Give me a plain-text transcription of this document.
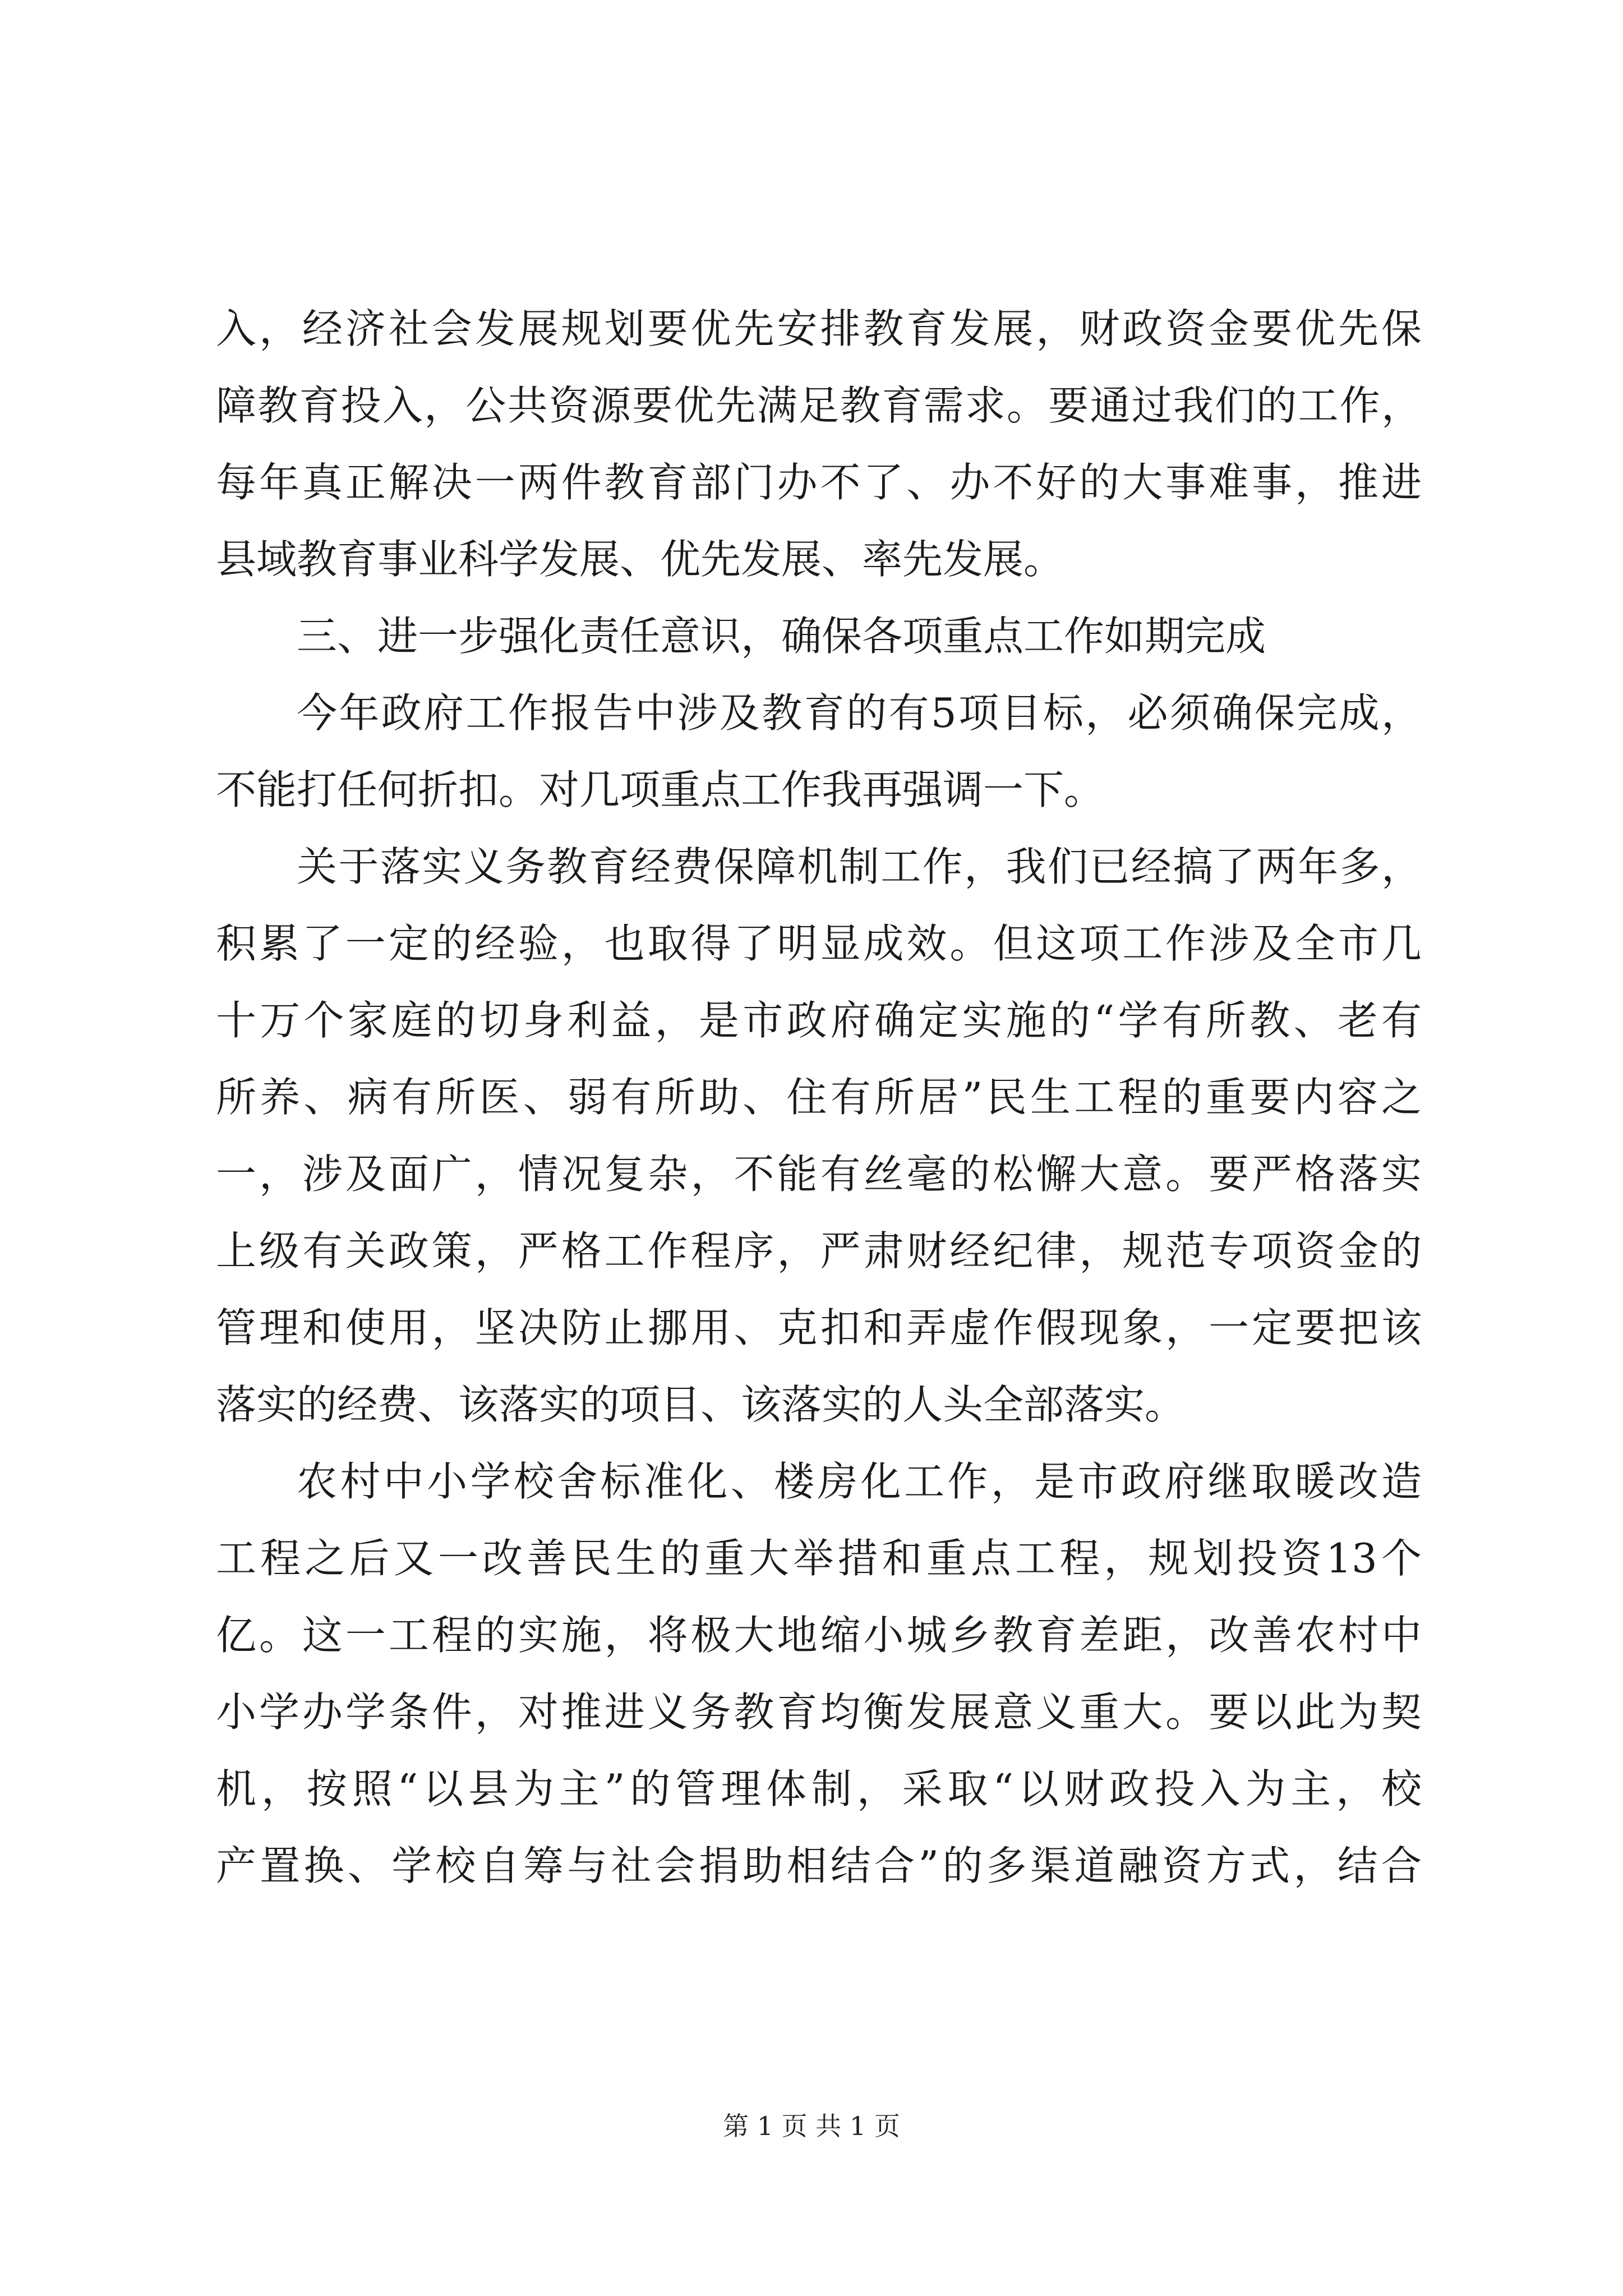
入，经济社会发展规划要优先安排教育发展，财政资金要优先保
障教育投入，公共资源要优先满足教育需求。要通过我们的工作，
每年真正解决一两件教育部门办不了、办不好的大事难事，推进
县域教育事业科学发展、优先发展、率先发展。
三、进一步强化责任意识，确保各项重点工作如期完成
今年政府工作报告中涉及教育的有5项目标，必须确保完成，
不能打任何折扣。对几项重点工作我再强调一下。
关于落实义务教育经费保障机制工作，我们已经搞了两年多，
积累了一定的经验，也取得了明显成效。但这项工作涉及全市几
十万个家庭的切身利益，是市政府确定实施的“学有所教、老有
所养、病有所医、弱有所助、住有所居”民生工程的重要内容之
一，涉及面广，情况复杂，不能有丝毫的松懈大意。要严格落实
上级有关政策，严格工作程序，严肃财经纪律，规范专项资金的
管理和使用，坚决防止挪用、克扣和弄虚作假现象，一定要把该
落实的经费、该落实的项目、该落实的人头全部落实。
农村中小学校舍标准化、楼房化工作，是市政府继取暖改造
工程之后又一改善民生的重大举措和重点工程，规划投资13个
亿。这一工程的实施，将极大地缩小城乡教育差距，改善农村中
小学办学条件，对推进义务教育均衡发展意义重大。要以此为契
机，按照“以县为主”的管理体制，采取“以财政投入为主，校
产置换、学校自筹与社会捐助相结合”的多渠道融资方式，结合
第 1 页 共 1 页
